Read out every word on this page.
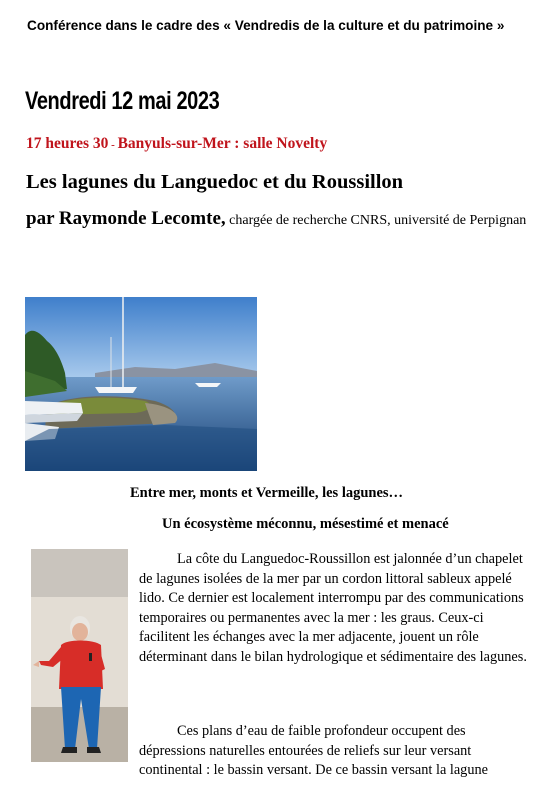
Conférence dans le cadre des « Vendredis de la culture et du patrimoine »
Vendredi 12 mai 2023
17 heures 30 - Banyuls-sur-Mer : salle Novelty
Les lagunes du Languedoc et du Roussillon
par Raymonde Lecomte, chargée de recherche CNRS, université de Perpignan
Entre mer, monts et Vermeille, les lagunes…
Un écosystème méconnu, mésestimé et menacé

La côte du Languedoc-Roussillon est jalonnée d’un chapelet de lagunes isolées de la mer par un cordon littoral sableux appelé lido. Ce dernier est localement interrompu par des communications temporaires ou permanentes avec la mer : les graus. Ceux-ci facilitent les échanges avec la mer adjacente, jouent un rôle déterminant dans le bilan hydrologique et sédimentaire des lagunes.

Ces plans d’eau de faible profondeur occupent des dépressions naturelles entourées de reliefs sur leur versant continental : le bassin versant. De ce bassin versant la lagune
